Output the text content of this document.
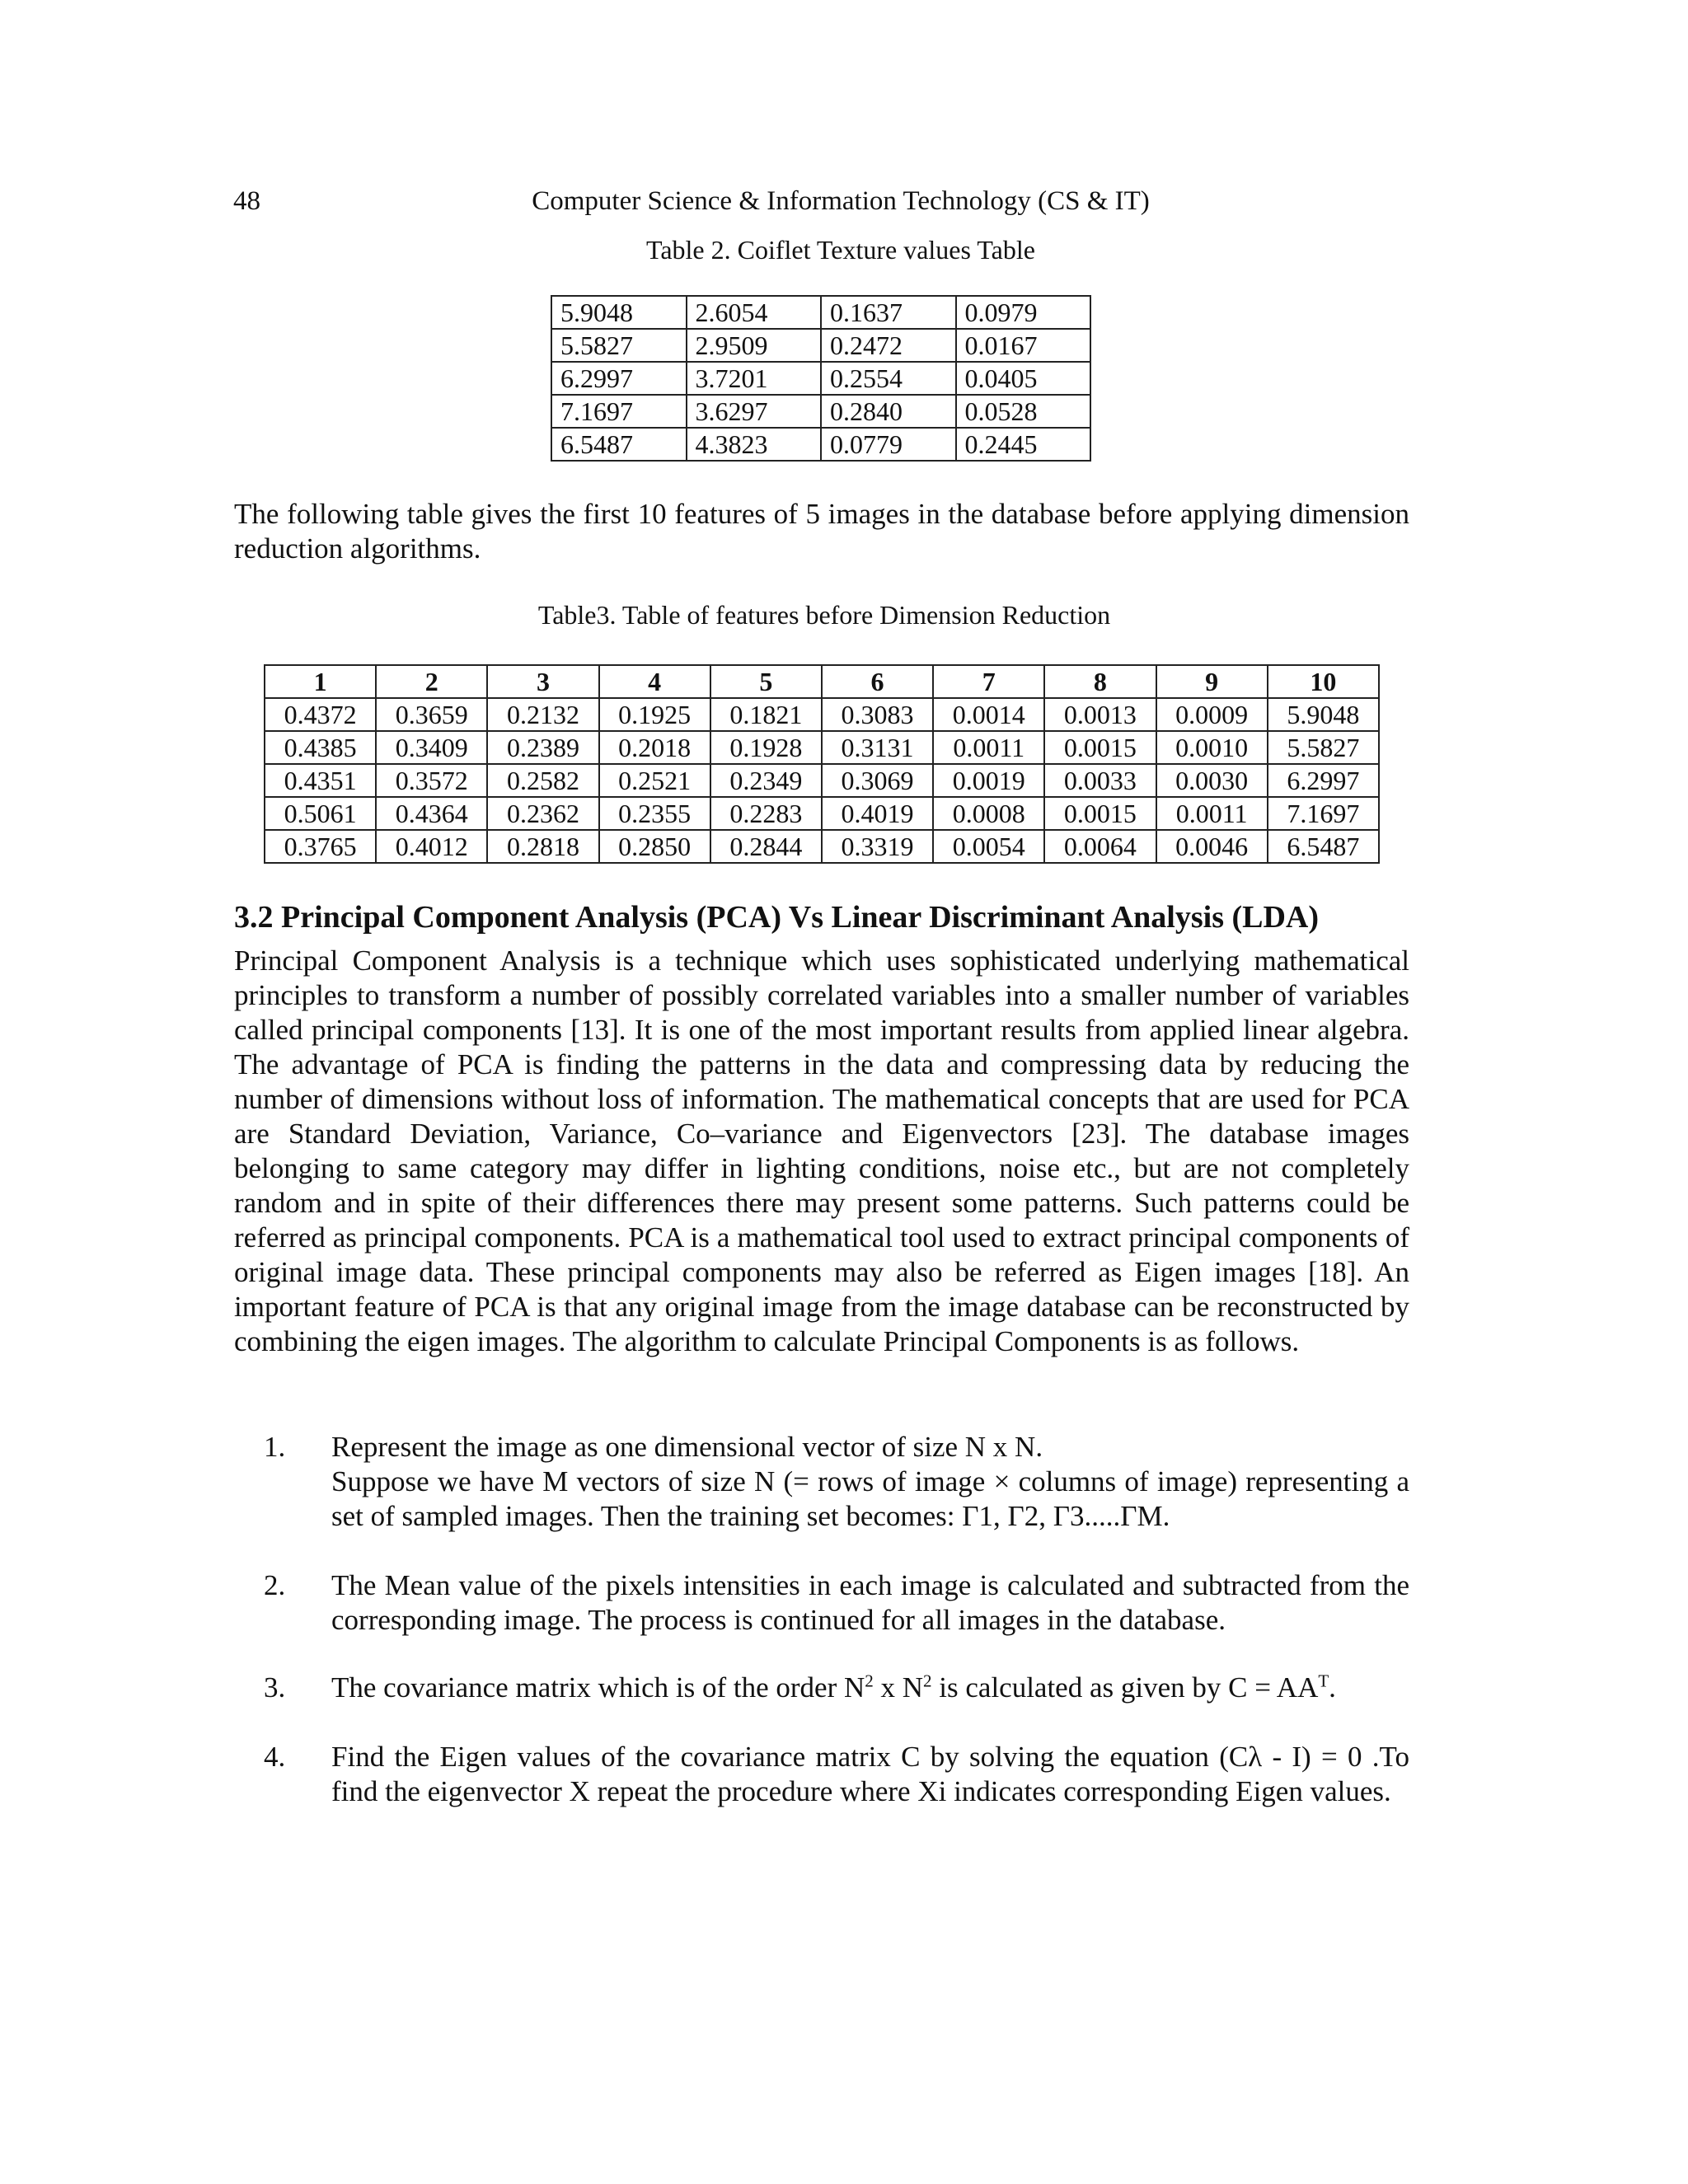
48	Computer Science & Information Technology (CS & IT)
Table 2. Coiflet Texture values Table
5.9048	2.6054	0.1637	0.0979
5.5827	2.9509	0.2472	0.0167
6.2997	3.7201	0.2554	0.0405
7.1697	3.6297	0.2840	0.0528
6.5487	4.3823	0.0779	0.2445
The following table gives the first 10 features of 5 images in the database before applying dimension reduction algorithms.
Table3. Table of features before Dimension Reduction
1	2	3	4	5	6	7	8	9	10
0.4372	0.3659	0.2132	0.1925	0.1821	0.3083	0.0014	0.0013	0.0009	5.9048
0.4385	0.3409	0.2389	0.2018	0.1928	0.3131	0.0011	0.0015	0.0010	5.5827
0.4351	0.3572	0.2582	0.2521	0.2349	0.3069	0.0019	0.0033	0.0030	6.2997
0.5061	0.4364	0.2362	0.2355	0.2283	0.4019	0.0008	0.0015	0.0011	7.1697
0.3765	0.4012	0.2818	0.2850	0.2844	0.3319	0.0054	0.0064	0.0046	6.5487
3.2 Principal Component Analysis (PCA) Vs Linear Discriminant Analysis (LDA)
Principal Component Analysis is a technique which uses sophisticated underlying mathematical principles to transform a number of possibly correlated variables into a smaller number of variables called principal components [13]. It is one of the most important results from applied linear algebra. The advantage of PCA is finding the patterns in the data and compressing data by reducing the number of dimensions without loss of information. The mathematical concepts that are used for PCA are Standard Deviation, Variance, Co–variance and Eigenvectors [23]. The database images belonging to same category may differ in lighting conditions, noise etc., but are not completely random and in spite of their differences there may present some patterns. Such patterns could be referred as principal components. PCA is a mathematical tool used to extract principal components of original image data. These principal components may also be referred as Eigen images [18]. An important feature of PCA is that any original image from the image database can be reconstructed by combining the eigen images. The algorithm to calculate Principal Components is as follows.
1.	Represent the image as one dimensional vector of size N x N.
Suppose we have M vectors of size N (= rows of image × columns of image) representing a set of sampled images. Then the training set becomes: Γ1, Γ2, Γ3.....ΓM.
2.	The Mean value of the pixels intensities in each image is calculated and subtracted from the corresponding image. The process is continued for all images in the database.
3.	The covariance matrix which is of the order $N^2$ x $N^2$ is calculated as given by $C = AA^T$.
4.	Find the Eigen values of the covariance matrix C by solving the equation (Cλ - I) = 0 .To find the eigenvector X repeat the procedure where Xi indicates corresponding Eigen values.
